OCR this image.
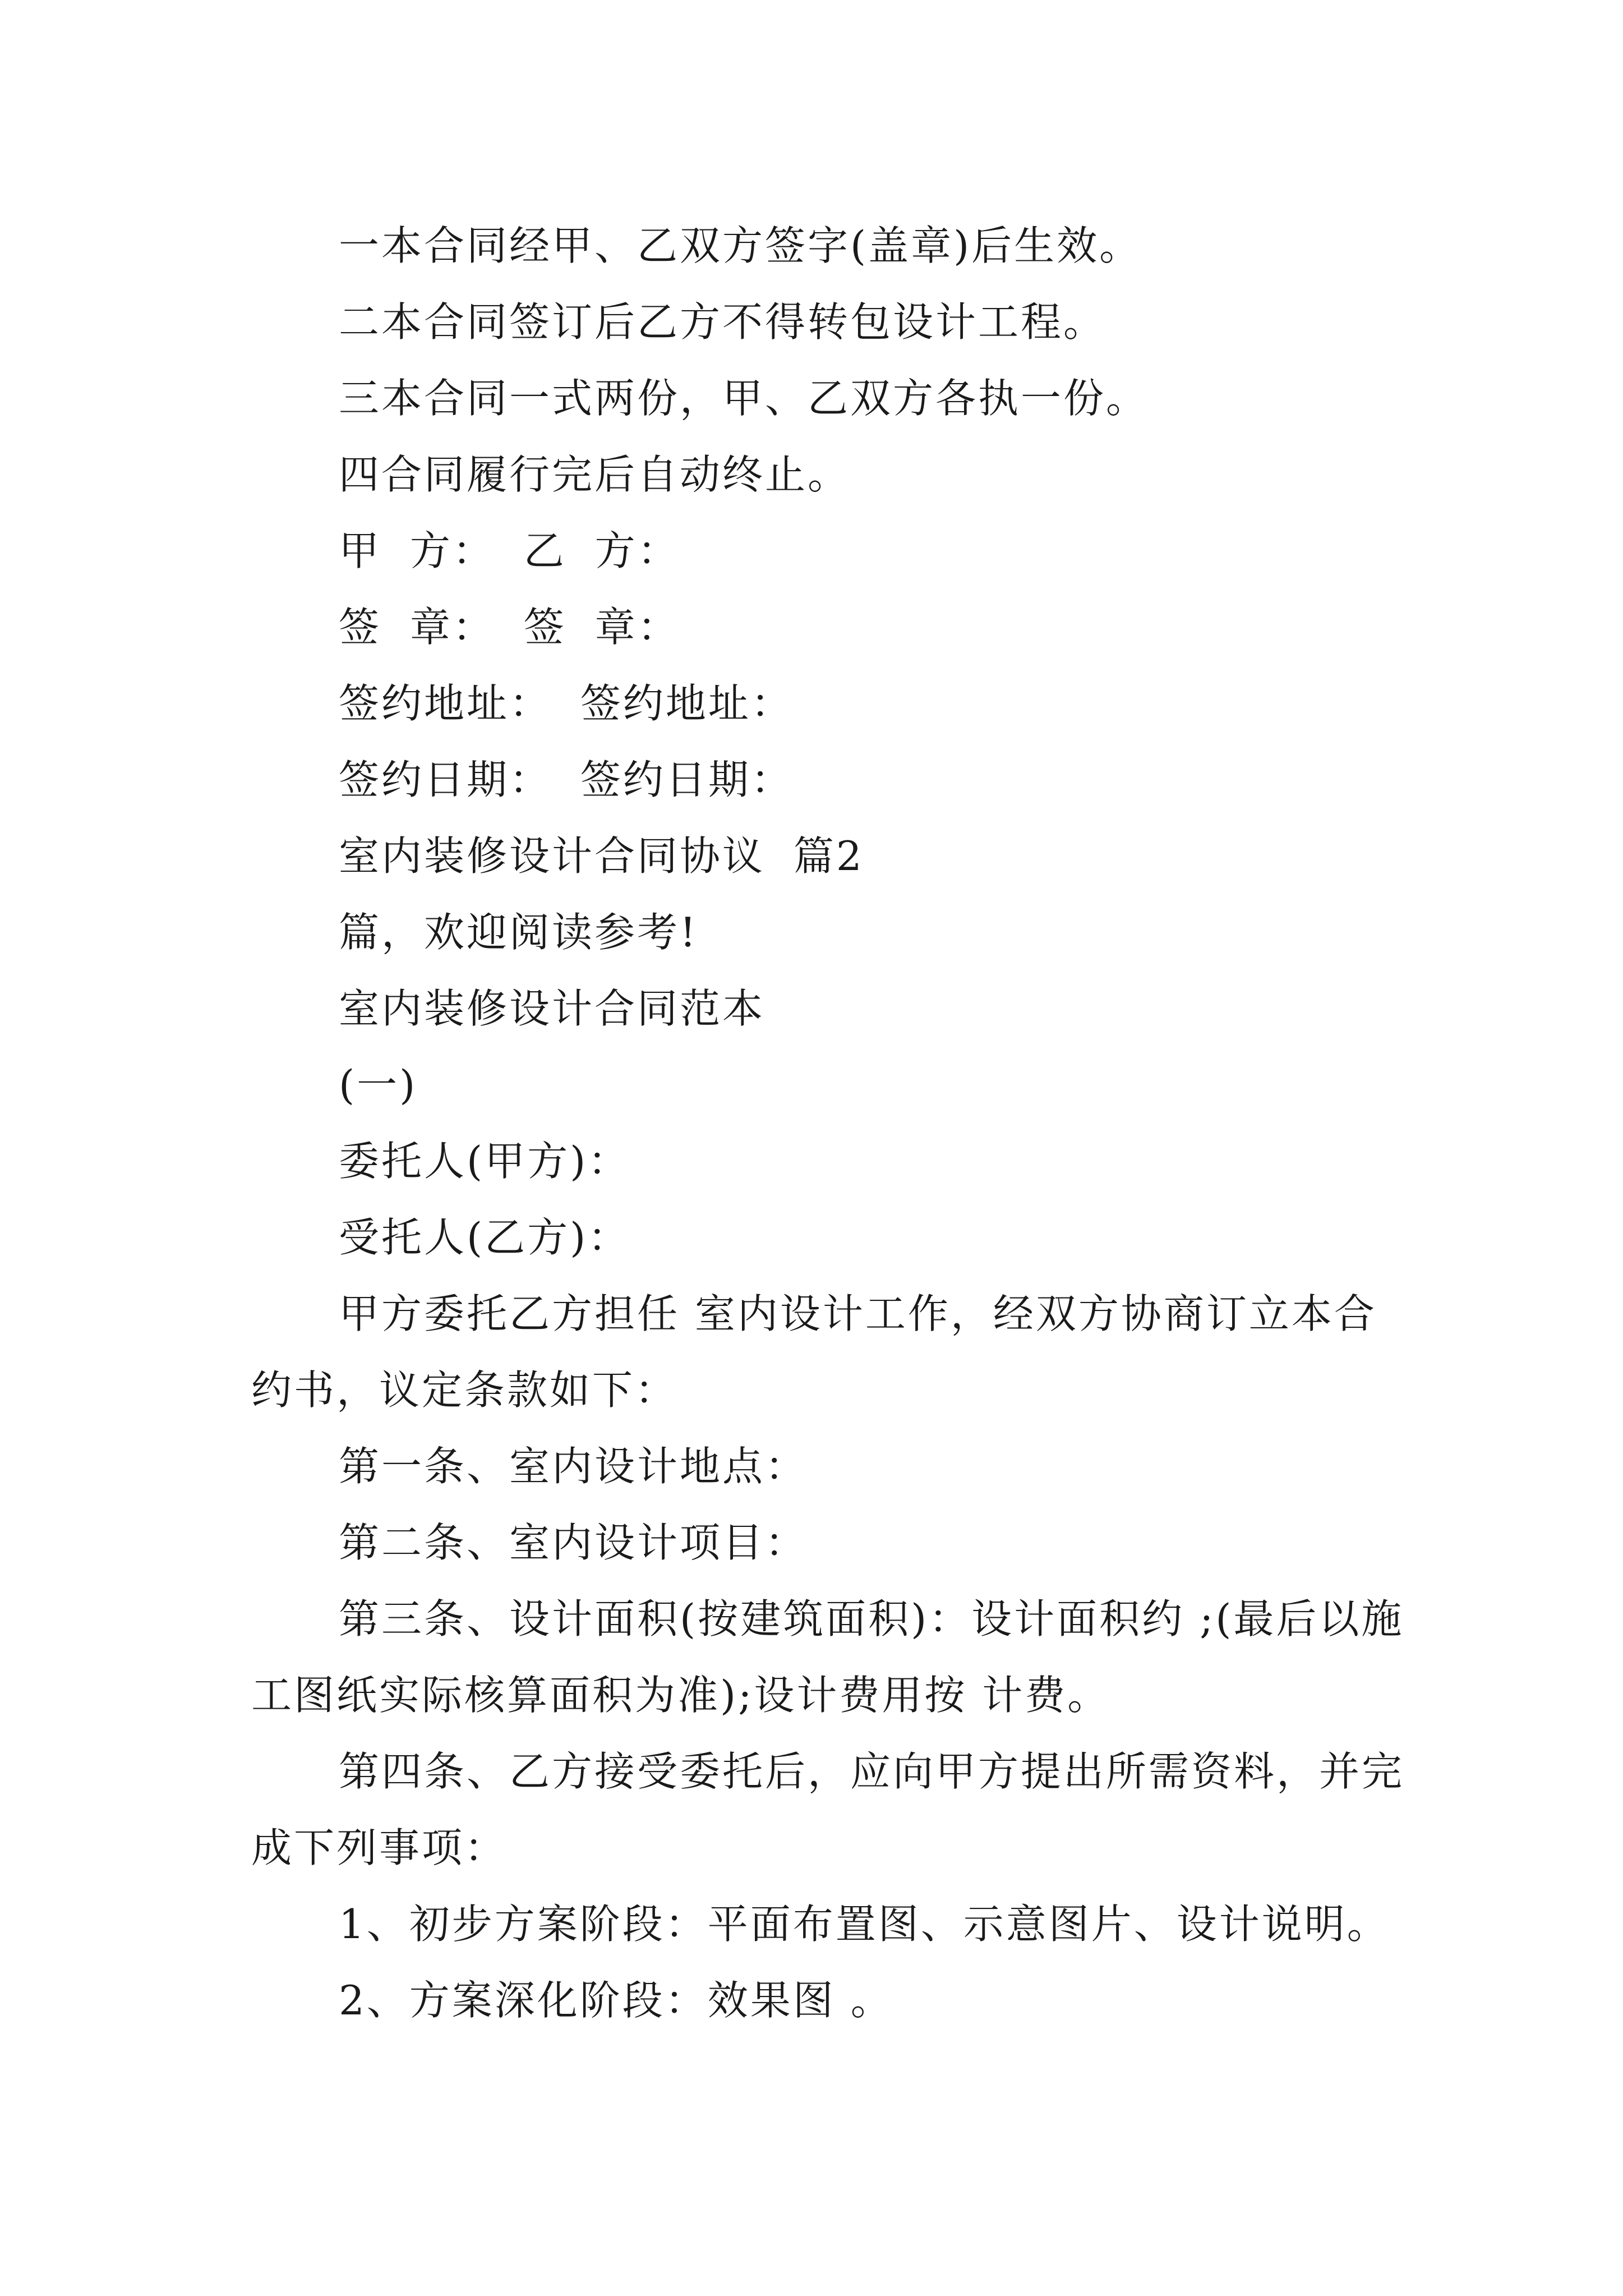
一本合同经甲、乙双方签字(盖章)后生效。

二本合同签订后乙方不得转包设计工程。

三本合同一式两份，甲、乙双方各执一份。

四合同履行完后自动终止。

甲 方： 乙 方：

签 章： 签 章：

签约地址： 签约地址：

签约日期： 签约日期：

室内装修设计合同协议 篇2

篇，欢迎阅读参考!

室内装修设计合同范本

(一)

委托人(甲方)：

受托人(乙方)：

甲方委托乙方担任 室内设计工作，经双方协商订立本合约书，议定条款如下：

第一条、室内设计地点：

第二条、室内设计项目：

第三条、设计面积(按建筑面积)：设计面积约 ;(最后以施工图纸实际核算面积为准);设计费用按 计费。

第四条、乙方接受委托后，应向甲方提出所需资料，并完成下列事项：

1、初步方案阶段：平面布置图、示意图片、设计说明。

2、方案深化阶段：效果图 。
